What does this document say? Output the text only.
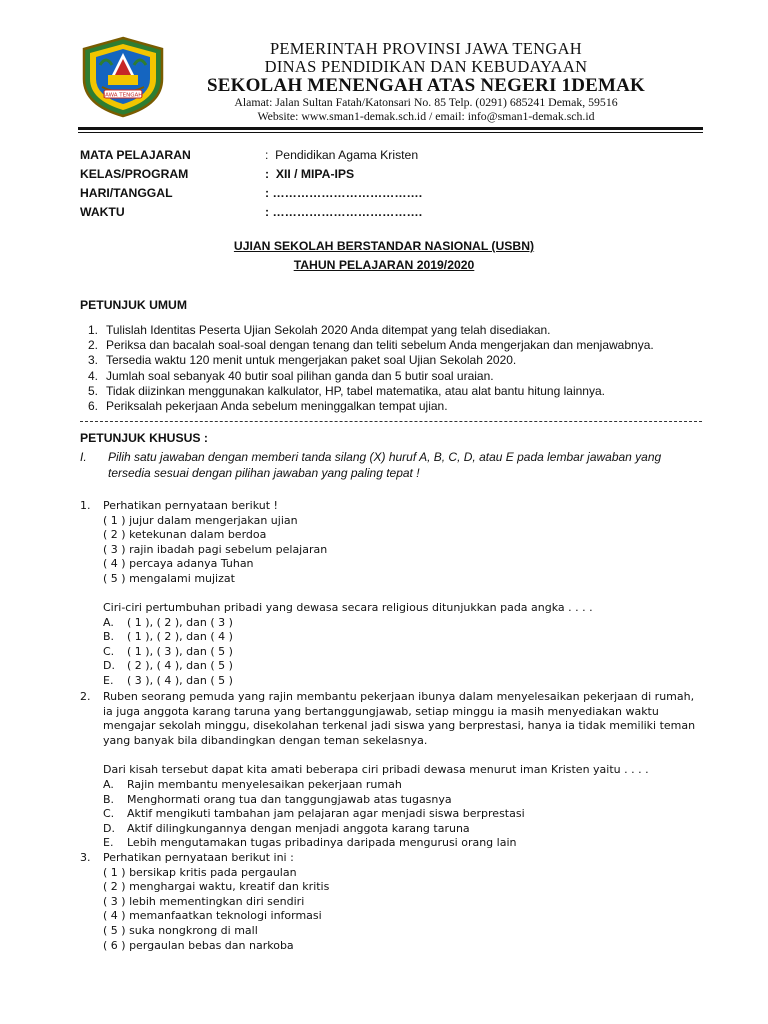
JAWA TENGAH
PEMERINTAH PROVINSI JAWA TENGAH
DINAS PENDIDIKAN DAN KEBUDAYAAN
SEKOLAH MENENGAH ATAS NEGERI 1DEMAK
Alamat: Jalan Sultan Fatah/Katonsari No. 85 Telp. (0291) 685241 Demak, 59516
Website: www.sman1-demak.sch.id / email: info@sman1-demak.sch.id
MATA PELAJARAN	:  Pendidikan Agama Kristen
KELAS/PROGRAM	:  XII / MIPA-IPS
HARI/TANGGAL	: ……………………………….
WAKTU	: ……………………………….
UJIAN SEKOLAH BERSTANDAR NASIONAL (USBN)
TAHUN PELAJARAN 2019/2020
PETUNJUK UMUM
1. Tulislah Identitas Peserta Ujian Sekolah 2020 Anda ditempat yang telah disediakan.
2. Periksa dan bacalah soal-soal dengan tenang dan teliti sebelum Anda mengerjakan dan menjawabnya.
3. Tersedia waktu 120 menit untuk mengerjakan paket soal Ujian Sekolah 2020.
4. Jumlah soal sebanyak 40 butir soal pilihan ganda dan 5 butir soal uraian.
5. Tidak diizinkan menggunakan kalkulator, HP, tabel matematika, atau alat bantu hitung lainnya.
6. Periksalah pekerjaan Anda sebelum meninggalkan tempat ujian.
PETUNJUK KHUSUS :
I. Pilih satu jawaban dengan memberi tanda silang (X) huruf A, B, C, D, atau E pada lembar jawaban yang
tersedia sesuai dengan pilihan jawaban yang paling tepat !
1. Perhatikan pernyataan berikut !
( 1 ) jujur dalam mengerjakan ujian
( 2 ) ketekunan dalam berdoa
( 3 ) rajin ibadah pagi sebelum pelajaran
( 4 ) percaya adanya Tuhan
( 5 ) mengalami mujizat
Ciri-ciri pertumbuhan pribadi yang dewasa secara religious ditunjukkan pada angka . . . .
A. ( 1 ), ( 2 ), dan ( 3 )
B. ( 1 ), ( 2 ), dan ( 4 )
C. ( 1 ), ( 3 ), dan ( 5 )
D. ( 2 ), ( 4 ), dan ( 5 )
E. ( 3 ), ( 4 ), dan ( 5 )
2. Ruben seorang pemuda yang rajin membantu pekerjaan ibunya dalam menyelesaikan pekerjaan di rumah,
ia juga anggota karang taruna yang bertanggungjawab, setiap minggu ia masih menyediakan waktu
mengajar sekolah minggu, disekolahan terkenal jadi siswa yang berprestasi, hanya ia tidak memiliki teman
yang banyak bila dibandingkan dengan teman sekelasnya.
Dari kisah tersebut dapat kita amati beberapa ciri pribadi dewasa menurut iman Kristen yaitu . . . .
A. Rajin membantu menyelesaikan pekerjaan rumah
B. Menghormati orang tua dan tanggungjawab atas tugasnya
C. Aktif mengikuti tambahan jam pelajaran agar menjadi siswa berprestasi
D. Aktif dilingkungannya dengan menjadi anggota karang taruna
E. Lebih mengutamakan tugas pribadinya daripada mengurusi orang lain
3. Perhatikan pernyataan berikut ini :
( 1 ) bersikap kritis pada pergaulan
( 2 ) menghargai waktu, kreatif dan kritis
( 3 ) lebih mementingkan diri sendiri
( 4 ) memanfaatkan teknologi informasi
( 5 ) suka nongkrong di mall
( 6 ) pergaulan bebas dan narkoba
